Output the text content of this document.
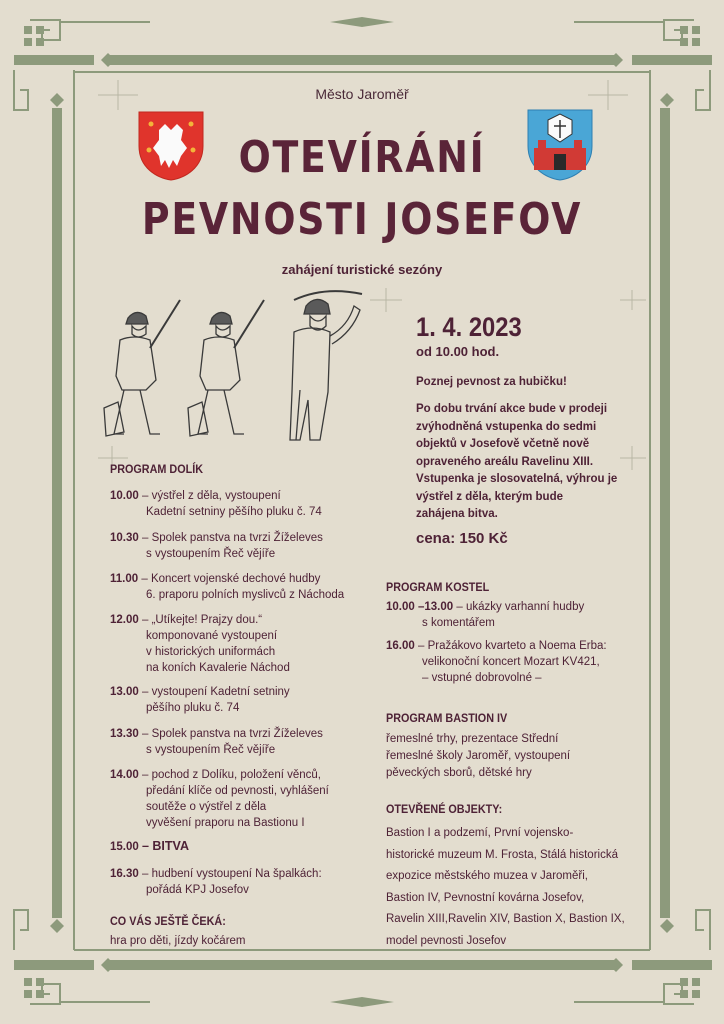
Město Jaroměř
OTEVÍRÁNÍ
PEVNOSTI JOSEFOV
zahájení turistické sezóny
1. 4. 2023
od 10.00 hod.
Poznej pevnost za hubičku!
Po dobu trvání akce bude v prodeji
zvýhodněná vstupenka do sedmi
objektů v Josefově včetně nově
opraveného areálu Ravelinu XIII.
Vstupenka je slosovatelná, výhrou je
výstřel z děla, kterým bude
zahájena bitva.
cena: 150 Kč
PROGRAM DOLÍK
10.00 – výstřel z děla, vystoupení
Kadetní setniny pěšího pluku č. 74
10.30 – Spolek panstva na tvrzi Žíželeves
s vystoupením Řeč vějíře
11.00 – Koncert vojenské dechové hudby
6. praporu polních myslivců z Náchoda
12.00 – „Utíkejte! Prajzy dou.“
komponované vystoupení
v historických uniformách
na koních Kavalerie Náchod
13.00 – vystoupení Kadetní setniny
pěšího pluku č. 74
13.30 – Spolek panstva na tvrzi Žíželeves
s vystoupením Řeč vějíře
14.00 – pochod z Dolíku, položení věnců,
předání klíče od pevnosti, vyhlášení
soutěže o výstřel z děla
vyvěšení praporu na Bastionu I
15.00 – BITVA
16.30 – hudbení vystoupení Na špalkách:
pořádá KPJ Josefov
CO VÁS JEŠTĚ ČEKÁ:
hra pro děti, jízdy kočárem
PROGRAM KOSTEL
10.00 –13.00 – ukázky varhanní hudby
s komentářem
16.00 – Pražákovo kvarteto a Noema Erba:
velikonoční koncert Mozart KV421,
– vstupné dobrovolné –
PROGRAM BASTION IV
řemeslné trhy, prezentace Střední
řemeslné školy Jaroměř, vystoupení
pěveckých sborů, dětské hry
OTEVŘENÉ OBJEKTY:
Bastion I a podzemí, První vojensko-
historické muzeum M. Frosta, Stálá historická
expozice městského muzea v Jaroměři,
Bastion IV, Pevnostní kovárna Josefov,
Ravelin XIII,Ravelin XIV, Bastion X, Bastion IX,
model pevnosti Josefov
